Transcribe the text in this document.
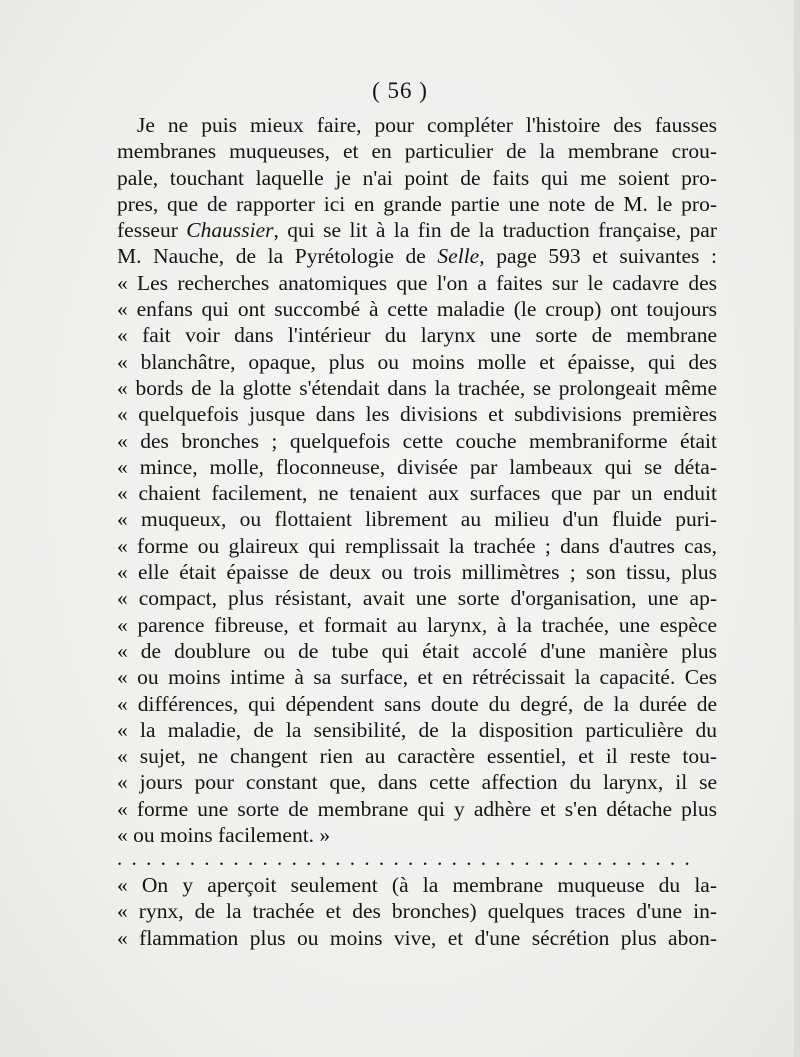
( 56 )
Je ne puis mieux faire, pour compléter l'histoire des fausses
membranes muqueuses, et en particulier de la membrane crou-
pale, touchant laquelle je n'ai point de faits qui me soient pro-
pres, que de rapporter ici en grande partie une note de M. le pro-
fesseur Chaussier, qui se lit à la fin de la traduction française, par
M. Nauche, de la Pyrétologie de Selle, page 593 et suivantes :
« Les recherches anatomiques que l'on a faites sur le cadavre des
« enfans qui ont succombé à cette maladie (le croup) ont toujours
« fait voir dans l'intérieur du larynx une sorte de membrane
« blanchâtre, opaque, plus ou moins molle et épaisse, qui des
« bords de la glotte s'étendait dans la trachée, se prolongeait même
« quelquefois jusque dans les divisions et subdivisions premières
« des bronches ; quelquefois cette couche membraniforme était
« mince, molle, floconneuse, divisée par lambeaux qui se déta-
« chaient facilement, ne tenaient aux surfaces que par un enduit
« muqueux, ou flottaient librement au milieu d'un fluide puri-
« forme ou glaireux qui remplissait la trachée ; dans d'autres cas,
« elle était épaisse de deux ou trois millimètres ; son tissu, plus
« compact, plus résistant, avait une sorte d'organisation, une ap-
« parence fibreuse, et formait au larynx, à la trachée, une espèce
« de doublure ou de tube qui était accolé d'une manière plus
« ou moins intime à sa surface, et en rétrécissait la capacité. Ces
« différences, qui dépendent sans doute du degré, de la durée de
« la maladie, de la sensibilité, de la disposition particulière du
« sujet, ne changent rien au caractère essentiel, et il reste tou-
« jours pour constant que, dans cette affection du larynx, il se
« forme une sorte de membrane qui y adhère et s'en détache plus
« ou moins facilement. »
........................................
« On y aperçoit seulement (à la membrane muqueuse du la-
« rynx, de la trachée et des bronches) quelques traces d'une in-
« flammation plus ou moins vive, et d'une sécrétion plus abon-
